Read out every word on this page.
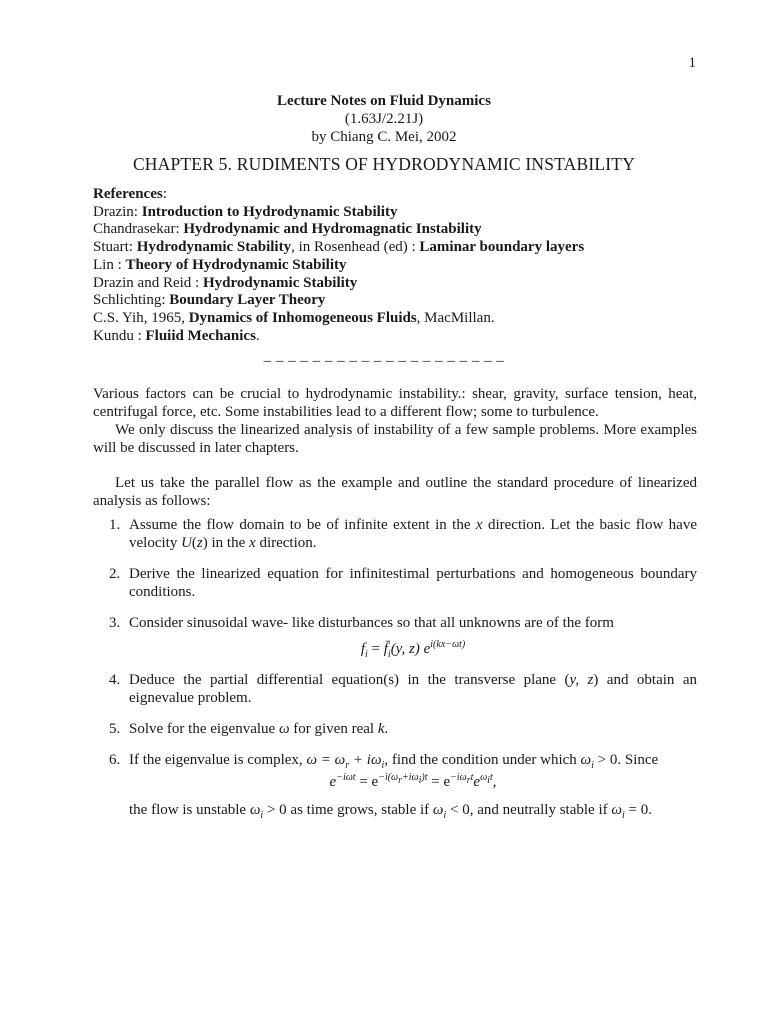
1
Lecture Notes on Fluid Dynamics
(1.63J/2.21J)
by Chiang C. Mei, 2002
CHAPTER 5. RUDIMENTS OF HYDRODYNAMIC INSTABILITY
References:
Drazin: Introduction to Hydrodynamic Stability
Chandrasekar: Hydrodynamic and Hydromagnatic Instability
Stuart: Hydrodynamic Stability, in Rosenhead (ed) : Laminar boundary layers
Lin : Theory of Hydrodynamic Stability
Drazin and Reid : Hydrodynamic Stability
Schlichting: Boundary Layer Theory
C.S. Yih, 1965, Dynamics of Inhomogeneous Fluids, MacMillan.
Kundu : Fluiid Mechanics.
– – – – – – – – – – – – – – – – – – – –
Various factors can be crucial to hydrodynamic instability.: shear, gravity, surface tension, heat, centrifugal force, etc. Some instabilities lead to a different flow; some to turbulence.
We only discuss the linearized analysis of instability of a few sample problems. More examples will be discussed in later chapters.
Let us take the parallel flow as the example and outline the standard procedure of linearized analysis as follows:
1. Assume the flow domain to be of infinite extent in the x direction. Let the basic flow have velocity U(z) in the x direction.
2. Derive the linearized equation for infinitestimal perturbations and homogeneous boundary conditions.
3. Consider sinusoidal wave- like disturbances so that all unknowns are of the form
$f_i$ = $f̄_i(y$, z) $e^{i(kx-\omega t)}$
4. Deduce the partial differential equation(s) in the transverse plane (y, z) and obtain an eignevalue problem.
5. Solve for the eigenvalue ω for given real k.
6. If the eigenvalue is complex, $\omega = \omega_r + i\omega_i$, find the condition under which $\omega_i > 0$. Since
$e^{-i\omega t} = e^{-i(\omega_r+i\omega_i)t} = e^{-i\omega_rt}e^{\omega_it}$,
the flow is unstable $\omega_i > 0$ as time grows, stable if $\omega_i < 0$, and neutrally stable if $\omega_i = 0$.
